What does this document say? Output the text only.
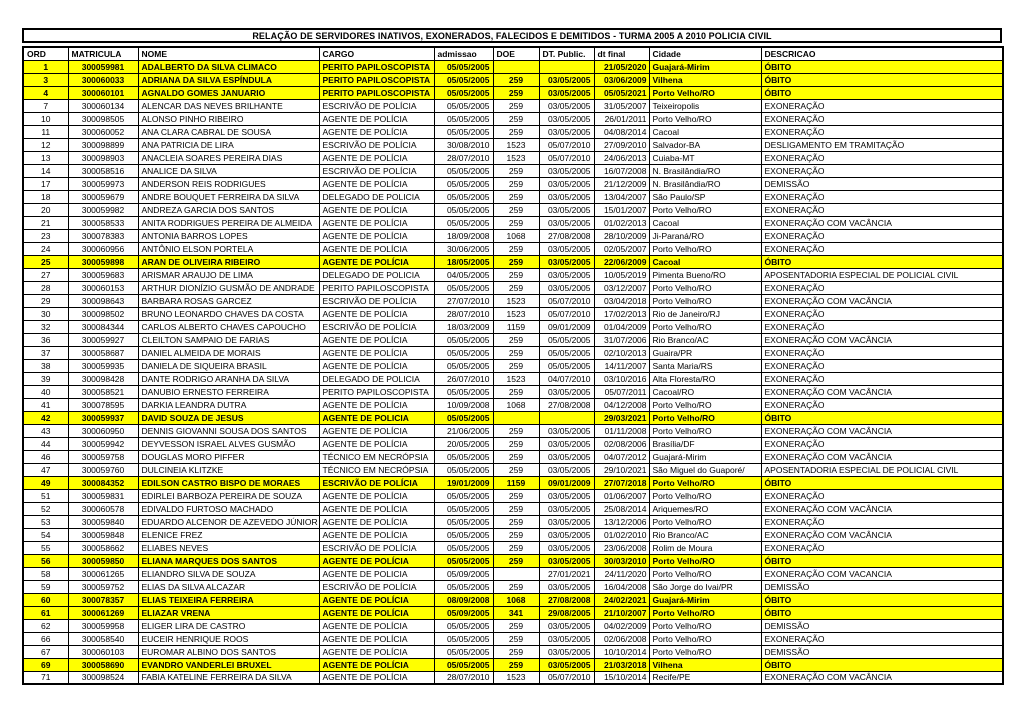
RELAÇÃO DE SERVIDORES INATIVOS, EXONERADOS, FALECIDOS E DEMITIDOS - TURMA 2005 A 2010 POLICIA CIVIL
ORD	MATRICULA	NOME	CARGO	admissao	DOE	DT. Public.	dt final	Cidade	DESCRICAO
1	300059981	ADALBERTO DA SILVA CLIMACO	PERITO PAPILOSCOPISTA	05/05/2005			21/05/2020	Guajará-Mirim	ÓBITO
3	300060033	ADRIANA DA SILVA ESPÍNDULA	PERITO PAPILOSCOPISTA	05/05/2005	259	03/05/2005	03/06/2009	Vilhena	ÓBITO
4	300060101	AGNALDO GOMES JANUARIO	PERITO PAPILOSCOPISTA	05/05/2005	259	03/05/2005	05/05/2021	Porto Velho/RO	ÓBITO
7	300060134	ALENCAR DAS NEVES BRILHANTE	ESCRIVÃO DE POLÍCIA	05/05/2005	259	03/05/2005	31/05/2007	Teixeiropolis	EXONERAÇÃO
10	300098505	ALONSO PINHO RIBEIRO	AGENTE DE POLÍCIA	05/05/2005	259	03/05/2005	26/01/2011	Porto Velho/RO	EXONERAÇÃO
11	300060052	ANA CLARA CABRAL DE SOUSA	AGENTE DE POLÍCIA	05/05/2005	259	03/05/2005	04/08/2014	Cacoal	EXONERAÇÃO
12	300098899	ANA PATRICIA DE LIRA	ESCRIVÃO DE POLÍCIA	30/08/2010	1523	05/07/2010	27/09/2010	Salvador-BA	DESLIGAMENTO EM TRAMITAÇÃO
13	300098903	ANACLEIA SOARES PEREIRA DIAS	AGENTE DE POLÍCIA	28/07/2010	1523	05/07/2010	24/06/2013	Cuiaba-MT	EXONERAÇÃO
14	300058516	ANALICE DA SILVA	ESCRIVÃO DE POLÍCIA	05/05/2005	259	03/05/2005	16/07/2008	N. Brasilândia/RO	EXONERAÇÃO
17	300059973	ANDERSON REIS RODRIGUES	AGENTE DE POLÍCIA	05/05/2005	259	03/05/2005	21/12/2009	N. Brasilândia/RO	DEMISSÃO
18	300059679	ANDRE BOUQUET FERREIRA DA SILVA	DELEGADO DE POLICIA	05/05/2005	259	03/05/2005	13/04/2007	São Paulo/SP	EXONERAÇÃO
20	300059982	ANDREZA GARCIA DOS SANTOS	AGENTE DE POLÍCIA	05/05/2005	259	03/05/2005	15/01/2007	Porto Velho/RO	EXONERAÇÃO
21	300058533	ANITA RODRIGUES PEREIRA DE ALMEIDA	AGENTE DE POLÍCIA	05/05/2005	259	03/05/2005	01/02/2013	Cacoal	EXONERAÇÃO COM VACÂNCIA
23	300078383	ANTONIA BARROS LOPES	AGENTE DE POLÍCIA	18/09/2008	1068	27/08/2008	28/10/2009	Ji-Paraná/RO	EXONERAÇÃO
24	300060956	ANTÔNIO ELSON PORTELA	AGENTE DE POLÍCIA	30/06/2005	259	03/05/2005	02/05/2007	Porto Velho/RO	EXONERAÇÃO
25	300059898	ARAN DE OLIVEIRA RIBEIRO	AGENTE DE POLÍCIA	18/05/2005	259	03/05/2005	22/06/2009	Cacoal	ÓBITO
27	300059683	ARISMAR ARAUJO DE LIMA	DELEGADO DE POLICIA	04/05/2005	259	03/05/2005	10/05/2019	Pimenta Bueno/RO	APOSENTADORIA ESPECIAL DE POLICIAL CIVIL
28	300060153	ARTHUR DIONÍZIO GUSMÃO DE ANDRADE	PERITO PAPILOSCOPISTA	05/05/2005	259	03/05/2005	03/12/2007	Porto Velho/RO	EXONERAÇÃO
29	300098643	BARBARA ROSAS GARCEZ	ESCRIVÃO DE POLÍCIA	27/07/2010	1523	05/07/2010	03/04/2018	Porto Velho/RO	EXONERAÇÃO COM VACÂNCIA
30	300098502	BRUNO LEONARDO CHAVES DA COSTA	AGENTE DE POLÍCIA	28/07/2010	1523	05/07/2010	17/02/2013	Rio de Janeiro/RJ	EXONERAÇÃO
32	300084344	CARLOS ALBERTO CHAVES CAPOUCHO	ESCRIVÃO DE POLÍCIA	18/03/2009	1159	09/01/2009	01/04/2009	Porto Velho/RO	EXONERAÇÃO
36	300059927	CLEILTON SAMPAIO DE FARIAS	AGENTE DE POLÍCIA	05/05/2005	259	05/05/2005	31/07/2006	Rio Branco/AC	EXONERAÇÃO COM VACÂNCIA
37	300058687	DANIEL ALMEIDA DE MORAIS	AGENTE DE POLÍCIA	05/05/2005	259	05/05/2005	02/10/2013	Guaira/PR	EXONERAÇÃO
38	300059935	DANIELA DE SIQUEIRA BRASIL	AGENTE DE POLÍCIA	05/05/2005	259	05/05/2005	14/11/2007	Santa Maria/RS	EXONERAÇÃO
39	300098428	DANTE RODRIGO ARANHA DA SILVA	DELEGADO DE POLICIA	26/07/2010	1523	04/07/2010	03/10/2016	Alta Floresta/RO	EXONERAÇÃO
40	300058521	DANUBIO ERNESTO FERREIRA	PERITO PAPILOSCOPISTA	05/05/2005	259	03/05/2005	05/07/2011	Cacoal/RO	EXONERAÇÃO COM VACÂNCIA
41	300078595	DARKIA LEANDRA DUTRA	AGENTE DE POLÍCIA	10/09/2008	1068	27/08/2008	04/12/2008	Porto Velho/RO	EXONERAÇÃO
42	300059937	DAVID SOUZA DE JESUS	AGENTE DE POLICIA	05/05/2005			29/03/2021	Porto Velho/RO	ÓBITO
43	300060950	DENNIS GIOVANNI SOUSA DOS SANTOS	AGENTE DE POLÍCIA	21/06/2005	259	03/05/2005	01/11/2008	Porto Velho/RO	EXONERAÇÃO COM VACÂNCIA
44	300059942	DEYVESSON ISRAEL ALVES GUSMÃO	AGENTE DE POLÍCIA	20/05/2005	259	03/05/2005	02/08/2006	Brasília/DF	EXONERAÇÃO
46	300059758	DOUGLAS MORO PIFFER	TÉCNICO EM NECRÓPSIA	05/05/2005	259	03/05/2005	04/07/2012	Guajará-Mirim	EXONERAÇÃO COM VACÂNCIA
47	300059760	DULCINEIA KLITZKE	TÉCNICO EM NECRÓPSIA	05/05/2005	259	03/05/2005	29/10/2021	São Miguel do Guaporé/	APOSENTADORIA ESPECIAL DE POLICIAL CIVIL
49	300084352	EDILSON CASTRO BISPO DE MORAES	ESCRIVÃO DE POLÍCIA	19/01/2009	1159	09/01/2009	27/07/2018	Porto Velho/RO	ÓBITO
51	300059831	EDIRLEI BARBOZA PEREIRA DE SOUZA	AGENTE DE POLÍCIA	05/05/2005	259	03/05/2005	01/06/2007	Porto Velho/RO	EXONERAÇÃO
52	300060578	EDIVALDO FURTOSO MACHADO	AGENTE DE POLÍCIA	05/05/2005	259	03/05/2005	25/08/2014	Ariquemes/RO	EXONERAÇÃO COM VACÂNCIA
53	300059840	EDUARDO ALCENOR DE AZEVEDO JÚNIOR	AGENTE DE POLÍCIA	05/05/2005	259	03/05/2005	13/12/2006	Porto Velho/RO	EXONERAÇÃO
54	300059848	ELENICE FREZ	AGENTE DE POLÍCIA	05/05/2005	259	03/05/2005	01/02/2010	Rio Branco/AC	EXONERAÇÃO COM VACÂNCIA
55	300058662	ELIABES NEVES	ESCRIVÃO DE POLÍCIA	05/05/2005	259	03/05/2005	23/06/2008	Rolim de Moura	EXONERAÇÃO
56	300059850	ELIANA MARQUES DOS SANTOS	AGENTE DE POLÍCIA	05/05/2005	259	03/05/2005	30/03/2010	Porto Velho/RO	ÓBITO
58	300061265	ELIANDRO SILVA DE SOUZA	AGENTE DE POLICIA	05/09/2005		27/01/2021	24/11/2020	Porto Velho/RO	EXONERAÇÃO COM VACANCIA
59	300059752	ELIAS DA SILVA ALCAZAR	ESCRIVÃO DE POLÍCIA	05/05/2005	259	03/05/2005	16/04/2008	São Jorge do Ivai/PR	DEMISSÃO
60	300078357	ELIAS TEIXEIRA FERREIRA	AGENTE DE POLÍCIA	08/09/2008	1068	27/08/2008	24/02/2021	Guajará-Mirim	ÓBITO
61	300061269	ELIAZAR VRENA	AGENTE DE POLÍCIA	05/09/2005	341	29/08/2005	21/10/2007	Porto Velho/RO	ÓBITO
62	300059958	ELIGER LIRA DE CASTRO	AGENTE DE POLÍCIA	05/05/2005	259	03/05/2005	04/02/2009	Porto Velho/RO	DEMISSÃO
66	300058540	EUCEIR HENRIQUE ROOS	AGENTE DE POLÍCIA	05/05/2005	259	03/05/2005	02/06/2008	Porto Velho/RO	EXONERAÇÃO
67	300060103	EUROMAR ALBINO DOS SANTOS	AGENTE DE POLÍCIA	05/05/2005	259	03/05/2005	10/10/2014	Porto Velho/RO	DEMISSÃO
69	300058690	EVANDRO VANDERLEI BRUXEL	AGENTE DE POLÍCIA	05/05/2005	259	03/05/2005	21/03/2018	Vilhena	ÓBITO
71	300098524	FABIA KATELINE FERREIRA DA SILVA	AGENTE DE POLÍCIA	28/07/2010	1523	05/07/2010	15/10/2014	Recife/PE	EXONERAÇÃO COM VACÂNCIA
